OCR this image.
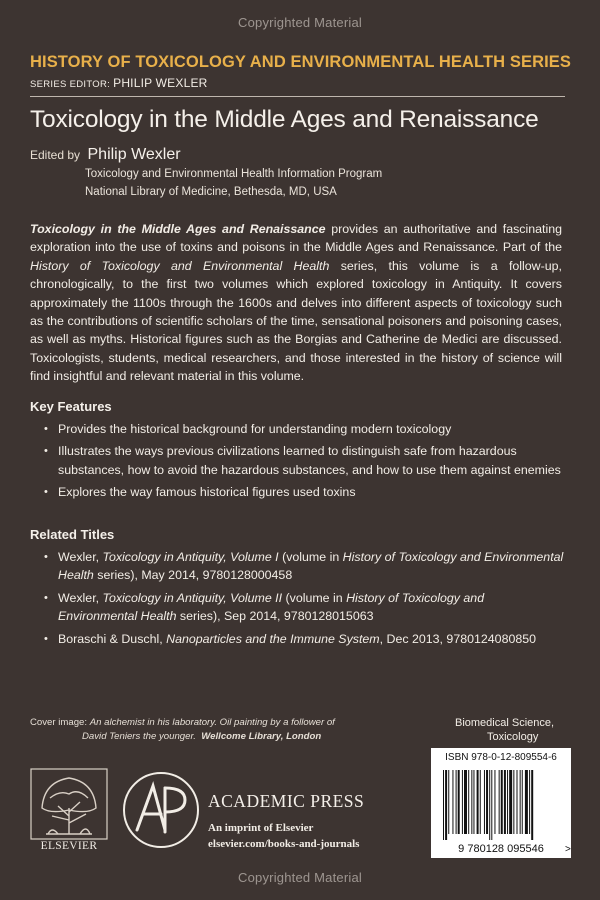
Copyrighted Material
HISTORY OF TOXICOLOGY AND ENVIRONMENTAL HEALTH SERIES
SERIES EDITOR: PHILIP WEXLER
Toxicology in the Middle Ages and Renaissance
Edited by Philip Wexler
Toxicology and Environmental Health Information Program
National Library of Medicine, Bethesda, MD, USA
Toxicology in the Middle Ages and Renaissance provides an authoritative and fascinating exploration into the use of toxins and poisons in the Middle Ages and Renaissance. Part of the History of Toxicology and Environmental Health series, this volume is a follow-up, chronologically, to the first two volumes which explored toxicology in Antiquity. It covers approximately the 1100s through the 1600s and delves into different aspects of toxicology such as the contributions of scientific scholars of the time, sensational poisoners and poisoning cases, as well as myths. Historical figures such as the Borgias and Catherine de Medici are discussed. Toxicologists, students, medical researchers, and those interested in the history of science will find insightful and relevant material in this volume.
Key Features
• Provides the historical background for understanding modern toxicology
• Illustrates the ways previous civilizations learned to distinguish safe from hazardous substances, how to avoid the hazardous substances, and how to use them against enemies
• Explores the way famous historical figures used toxins
Related Titles
• Wexler, Toxicology in Antiquity, Volume I (volume in History of Toxicology and Environmental Health series), May 2014, 9780128000458
• Wexler, Toxicology in Antiquity, Volume II (volume in History of Toxicology and Environmental Health series), Sep 2014, 9780128015063
• Boraschi & Duschl, Nanoparticles and the Immune System, Dec 2013, 9780124080850
Cover image: An alchemist in his laboratory. Oil painting by a follower of
David Teniers the younger. Wellcome Library, London
Biomedical Science,
Toxicology
ISBN 978-0-12-809554-6
9 780128 095546 >
ELSEVIER
ACADEMIC PRESS
An imprint of Elsevier
elsevier.com/books-and-journals
Copyrighted Material
